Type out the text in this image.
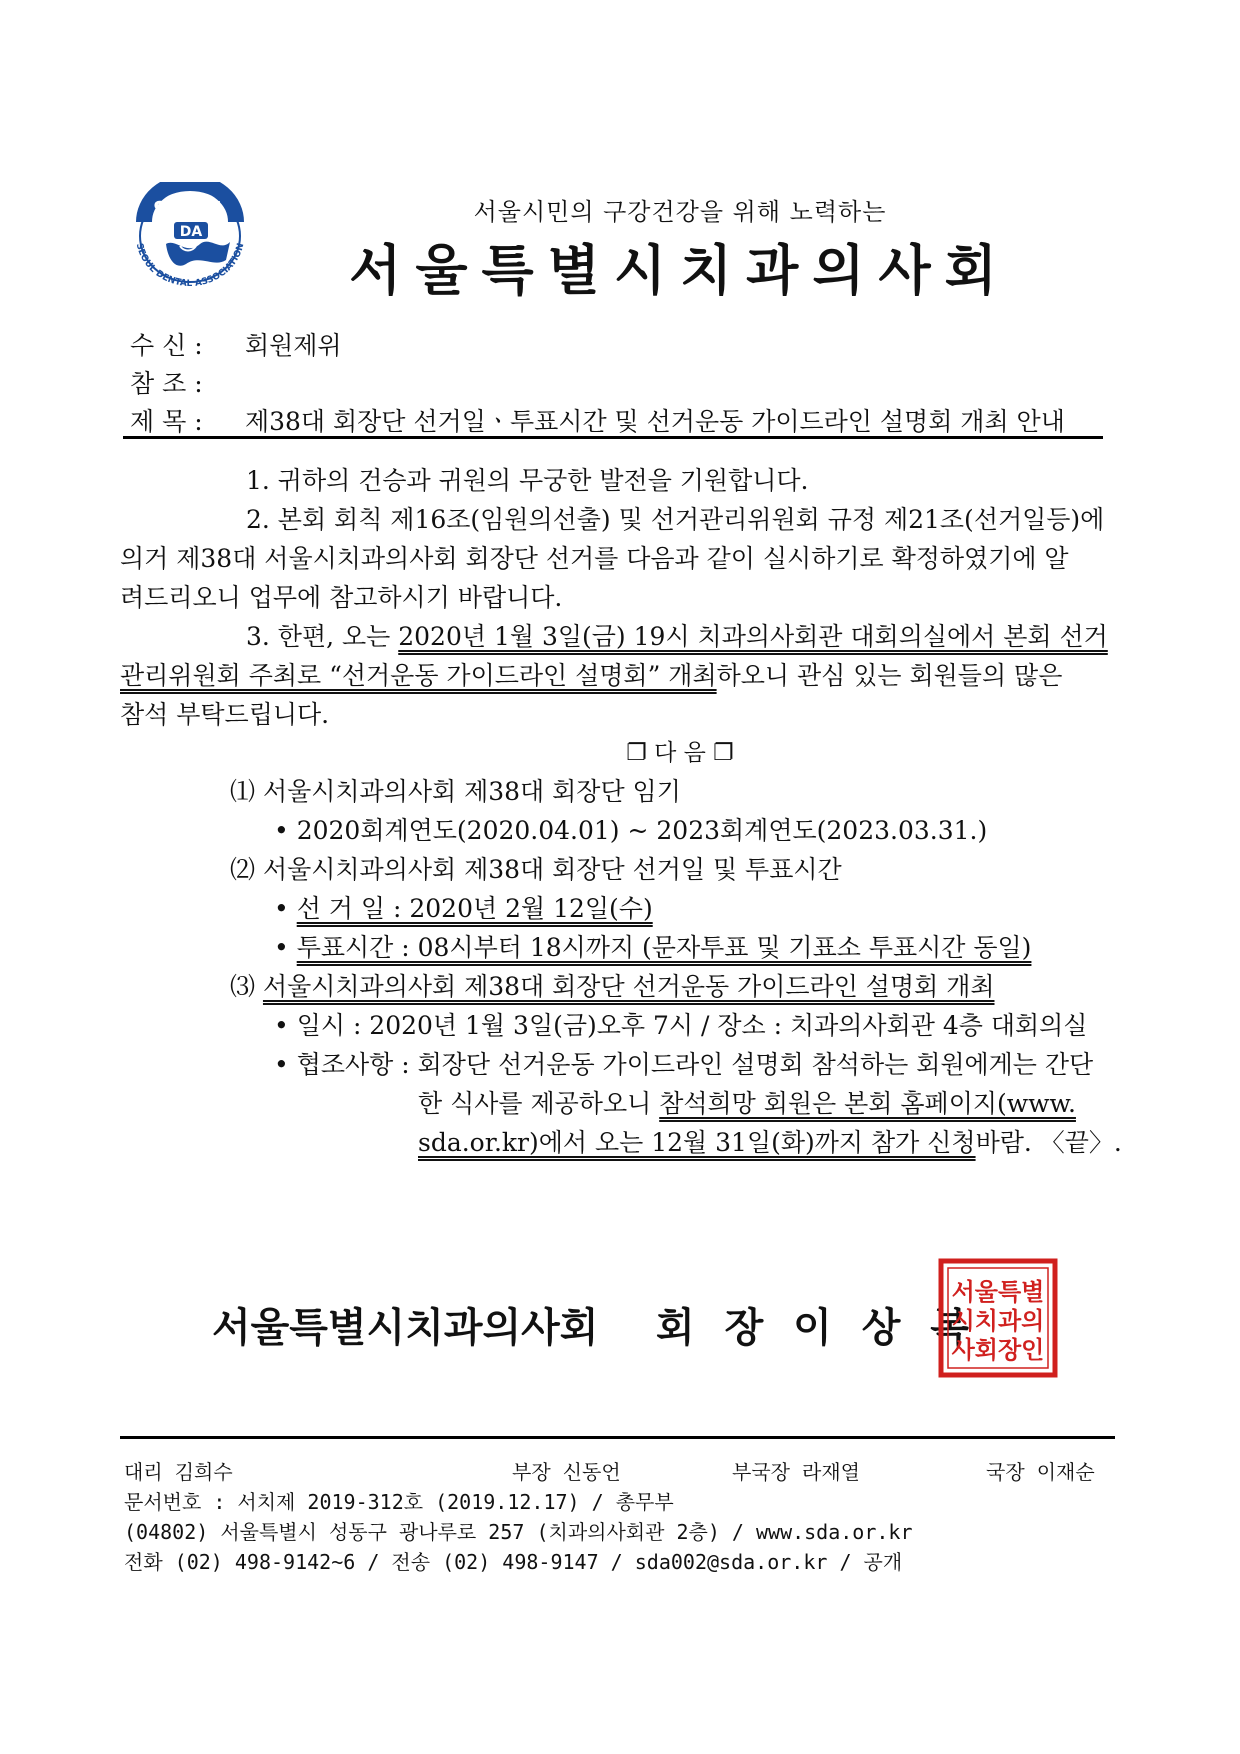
SEOUL
DA
SEOUL DENTAL ASSOCIATION
서울시민의 구강건강을 위해 노력하는
서울특별시치과의사회
수 신 : 회원제위
참 조 :
제 목 : 제38대 회장단 선거일ㆍ투표시간 및 선거운동 가이드라인 설명회 개최 안내
1. 귀하의 건승과 귀원의 무궁한 발전을 기원합니다.
2. 본회 회칙 제16조(임원의선출) 및 선거관리위원회 규정 제21조(선거일등)에
의거 제38대 서울시치과의사회 회장단 선거를 다음과 같이 실시하기로 확정하였기에 알
려드리오니 업무에 참고하시기 바랍니다.
3. 한편, 오는 2020년 1월 3일(금) 19시 치과의사회관 대회의실에서 본회 선거
관리위원회 주최로 “선거운동 가이드라인 설명회” 개최하오니 관심 있는 회원들의 많은
참석 부탁드립니다.
❐ 다 음 ❐
⑴ 서울시치과의사회 제38대 회장단 임기
• 2020회계연도(2020.04.01) ~ 2023회계연도(2023.03.31.)
⑵ 서울시치과의사회 제38대 회장단 선거일 및 투표시간
• 선 거 일 : 2020년 2월 12일(수)
• 투표시간 : 08시부터 18시까지 (문자투표 및 기표소 투표시간 동일)
⑶ 서울시치과의사회 제38대 회장단 선거운동 가이드라인 설명회 개최
• 일시 : 2020년 1월 3일(금)오후 7시 / 장소 : 치과의사회관 4층 대회의실
• 협조사항 : 회장단 선거운동 가이드라인 설명회 참석하는 회원에게는 간단
한 식사를 제공하오니 참석희망 회원은 본회 홈페이지(www.
sda.or.kr)에서 오는 12월 31일(화)까지 참가 신청바람. 〈끝〉.
서울특별시치과의사회 회 장 이 상 복
서울특별
시치과의
사회장인
대리 김희수	부장 신동언	부국장 라재열	국장 이재순
문서번호 : 서치제 2019-312호 (2019.12.17) / 총무부
(04802) 서울특별시 성동구 광나루로 257 (치과의사회관 2층) / www.sda.or.kr
전화 (02) 498-9142~6 / 전송 (02) 498-9147 / sda002@sda.or.kr / 공개
